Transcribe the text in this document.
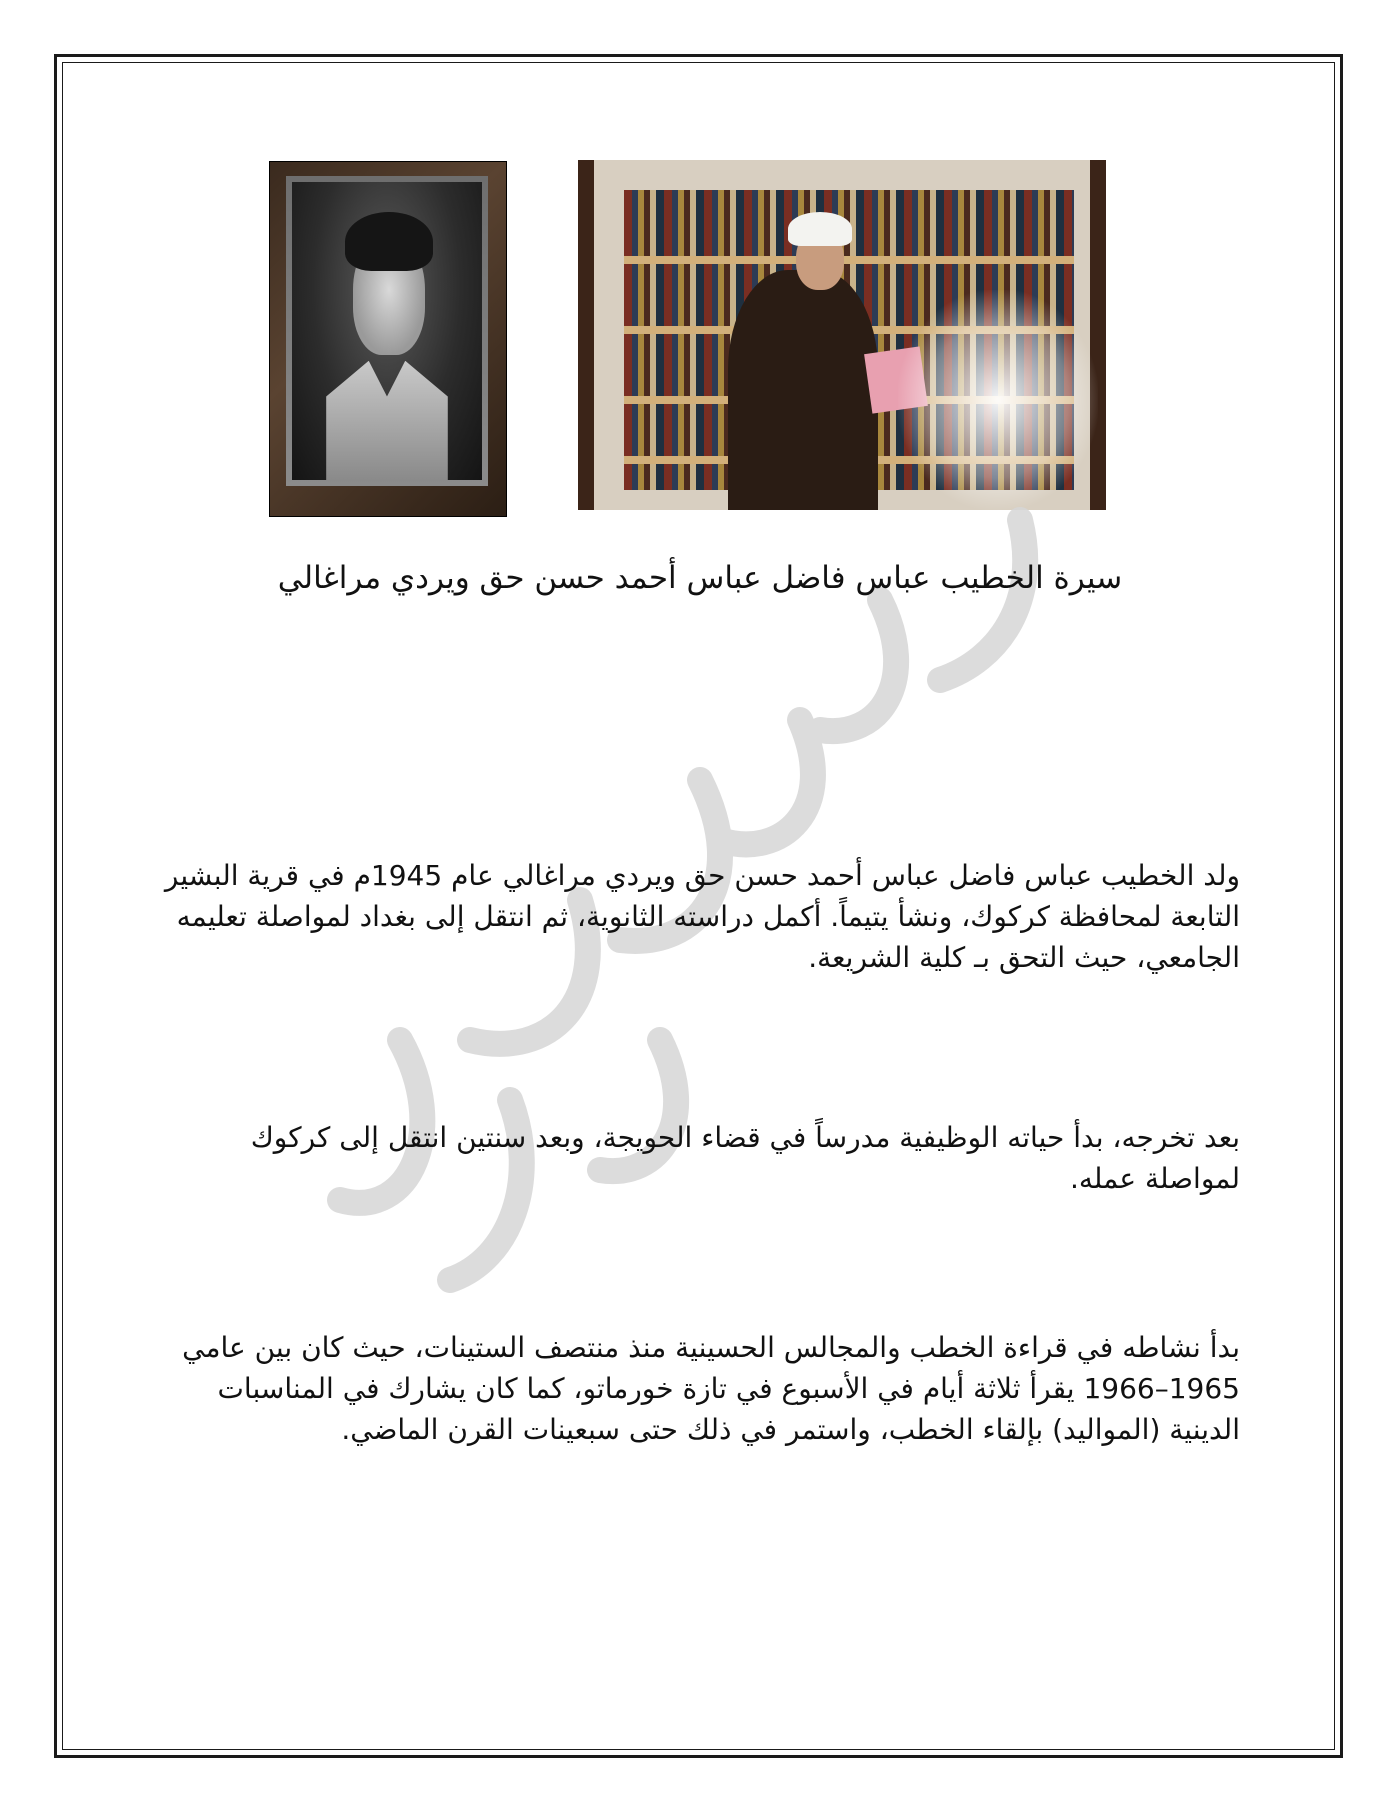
سيرة الخطيب عباس فاضل عباس أحمد حسن حق ويردي مراغالي
ولد الخطيب عباس فاضل عباس أحمد حسن حق ويردي مراغالي عام 1945م في قرية البشير التابعة لمحافظة كركوك، ونشأ يتيماً. أكمل دراسته الثانوية، ثم انتقل إلى بغداد لمواصلة تعليمه الجامعي، حيث التحق بـ كلية الشريعة.
بعد تخرجه، بدأ حياته الوظيفية مدرساً في قضاء الحويجة، وبعد سنتين انتقل إلى كركوك لمواصلة عمله.
بدأ نشاطه في قراءة الخطب والمجالس الحسينية منذ منتصف الستينات، حيث كان بين عامي 1965–1966 يقرأ ثلاثة أيام في الأسبوع في تازة خورماتو، كما كان يشارك في المناسبات الدينية (المواليد) بإلقاء الخطب، واستمر في ذلك حتى سبعينات القرن الماضي.
